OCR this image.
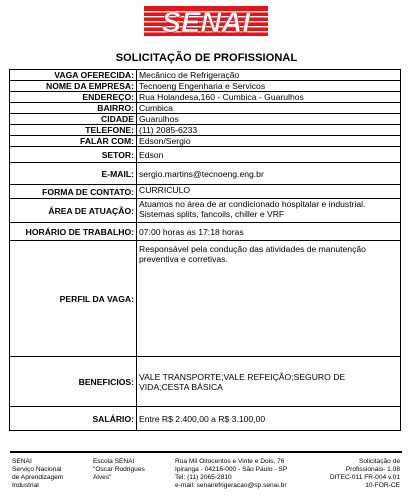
SENAI
SOLICITAÇÃO DE PROFISSIONAL
VAGA OFERECIDA:	Mecânico de Refrigeração
NOME DA EMPRESA:	Tecnoeng Engenharia e Servicos
ENDEREÇO:	Rua Holandesa,160 - Cumbica - Guarulhos
BAIRRO:	Cumbica
CIDADE	Guarulhos
TELEFONE:	(11) 2085-6233
FALAR COM:	Edson/Sergio
SETOR:	Edson
E-MAIL:	sergio.martins@tecnoeng.eng.br
FORMA DE CONTATO:	CURRICULO
ÁREA DE ATUAÇÃO:	Atuamos no área de ar condicionado hospitalar e industrial.
Sistemas splits, fancoils, chiller e VRF

HORÁRIO DE TRABALHO:	07:00 horas as 17:18 horas
PERFIL DA VAGA:	Responsável pela condução das atividades de manutenção
preventiva e corretivas.

BENEFICIOS:	VALE TRANSPORTE;VALE REFEIÇÃO;SEGURO DE
VIDA;CESTA BÁSICA

SALÁRIO:	Entre R$ 2.400,00 a R$ 3.100,00
SENAI
Serviço Nacional
de Aprendizagem
Industrial
Escola SENAI
"Oscar Rodrigues
Alves"
Rua Mil Oitocentos e Vinte e Dois, 76
Ipiranga - 04216-000 - São Paulo - SP
Tel: (11) 2065-2810
e-mail: senairefrigeracao@sp.senai.br
Solicitação de
Profissionais- 1.08
DITEC-011 FR-004 v.01
10-FOR-CE
